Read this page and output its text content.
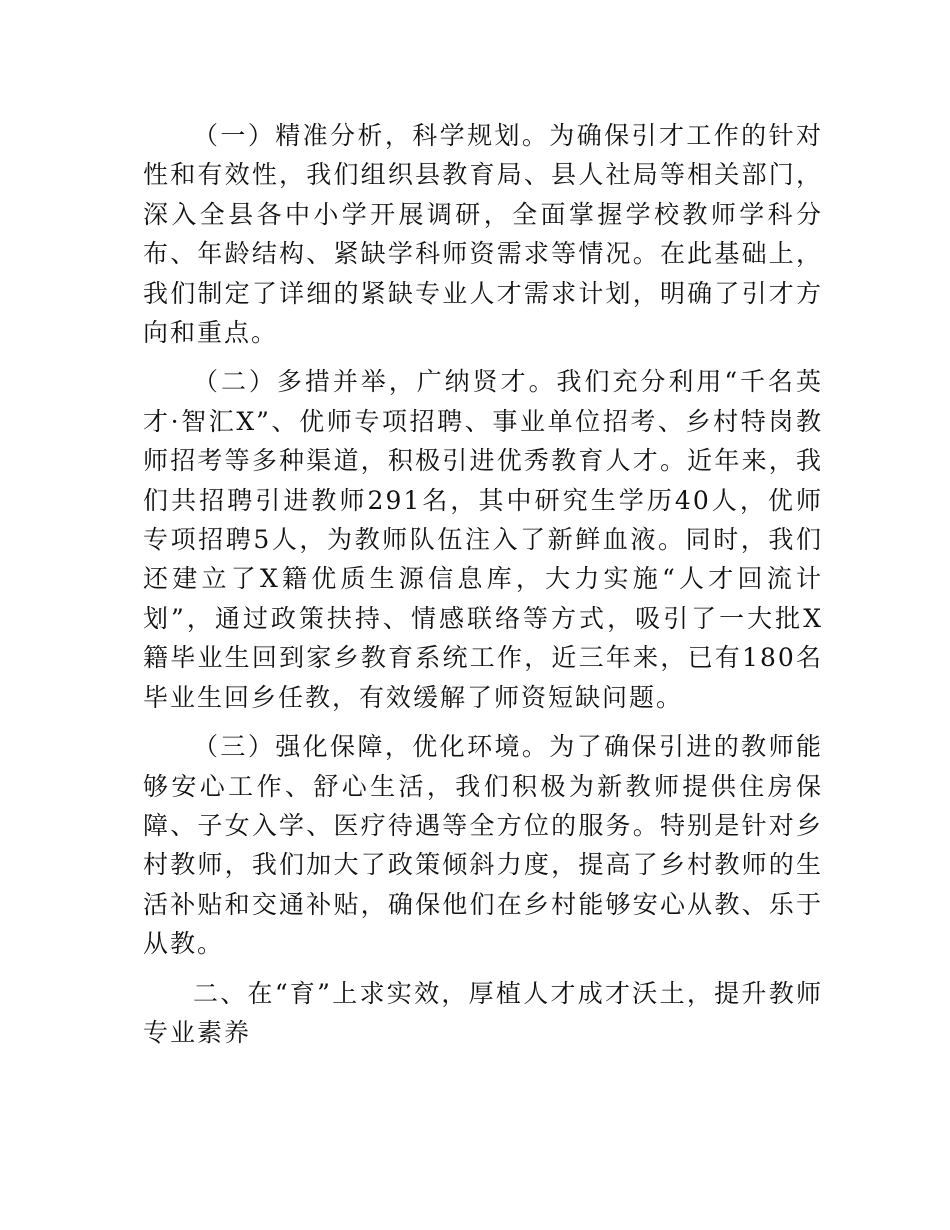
（一）精准分析，科学规划。为确保引才工作的针对性和有效性，我们组织县教育局、县人社局等相关部门，深入全县各中小学开展调研，全面掌握学校教师学科分布、年龄结构、紧缺学科师资需求等情况。在此基础上，我们制定了详细的紧缺专业人才需求计划，明确了引才方向和重点。

（二）多措并举，广纳贤才。我们充分利用“千名英才·智汇X”、优师专项招聘、事业单位招考、乡村特岗教师招考等多种渠道，积极引进优秀教育人才。近年来，我们共招聘引进教师291名，其中研究生学历40人，优师专项招聘5人，为教师队伍注入了新鲜血液。同时，我们还建立了X籍优质生源信息库，大力实施“人才回流计划”，通过政策扶持、情感联络等方式，吸引了一大批X籍毕业生回到家乡教育系统工作，近三年来，已有180名毕业生回乡任教，有效缓解了师资短缺问题。

（三）强化保障，优化环境。为了确保引进的教师能够安心工作、舒心生活，我们积极为新教师提供住房保障、子女入学、医疗待遇等全方位的服务。特别是针对乡村教师，我们加大了政策倾斜力度，提高了乡村教师的生活补贴和交通补贴，确保他们在乡村能够安心从教、乐于从教。

二、在“育”上求实效，厚植人才成才沃土，提升教师专业素养
